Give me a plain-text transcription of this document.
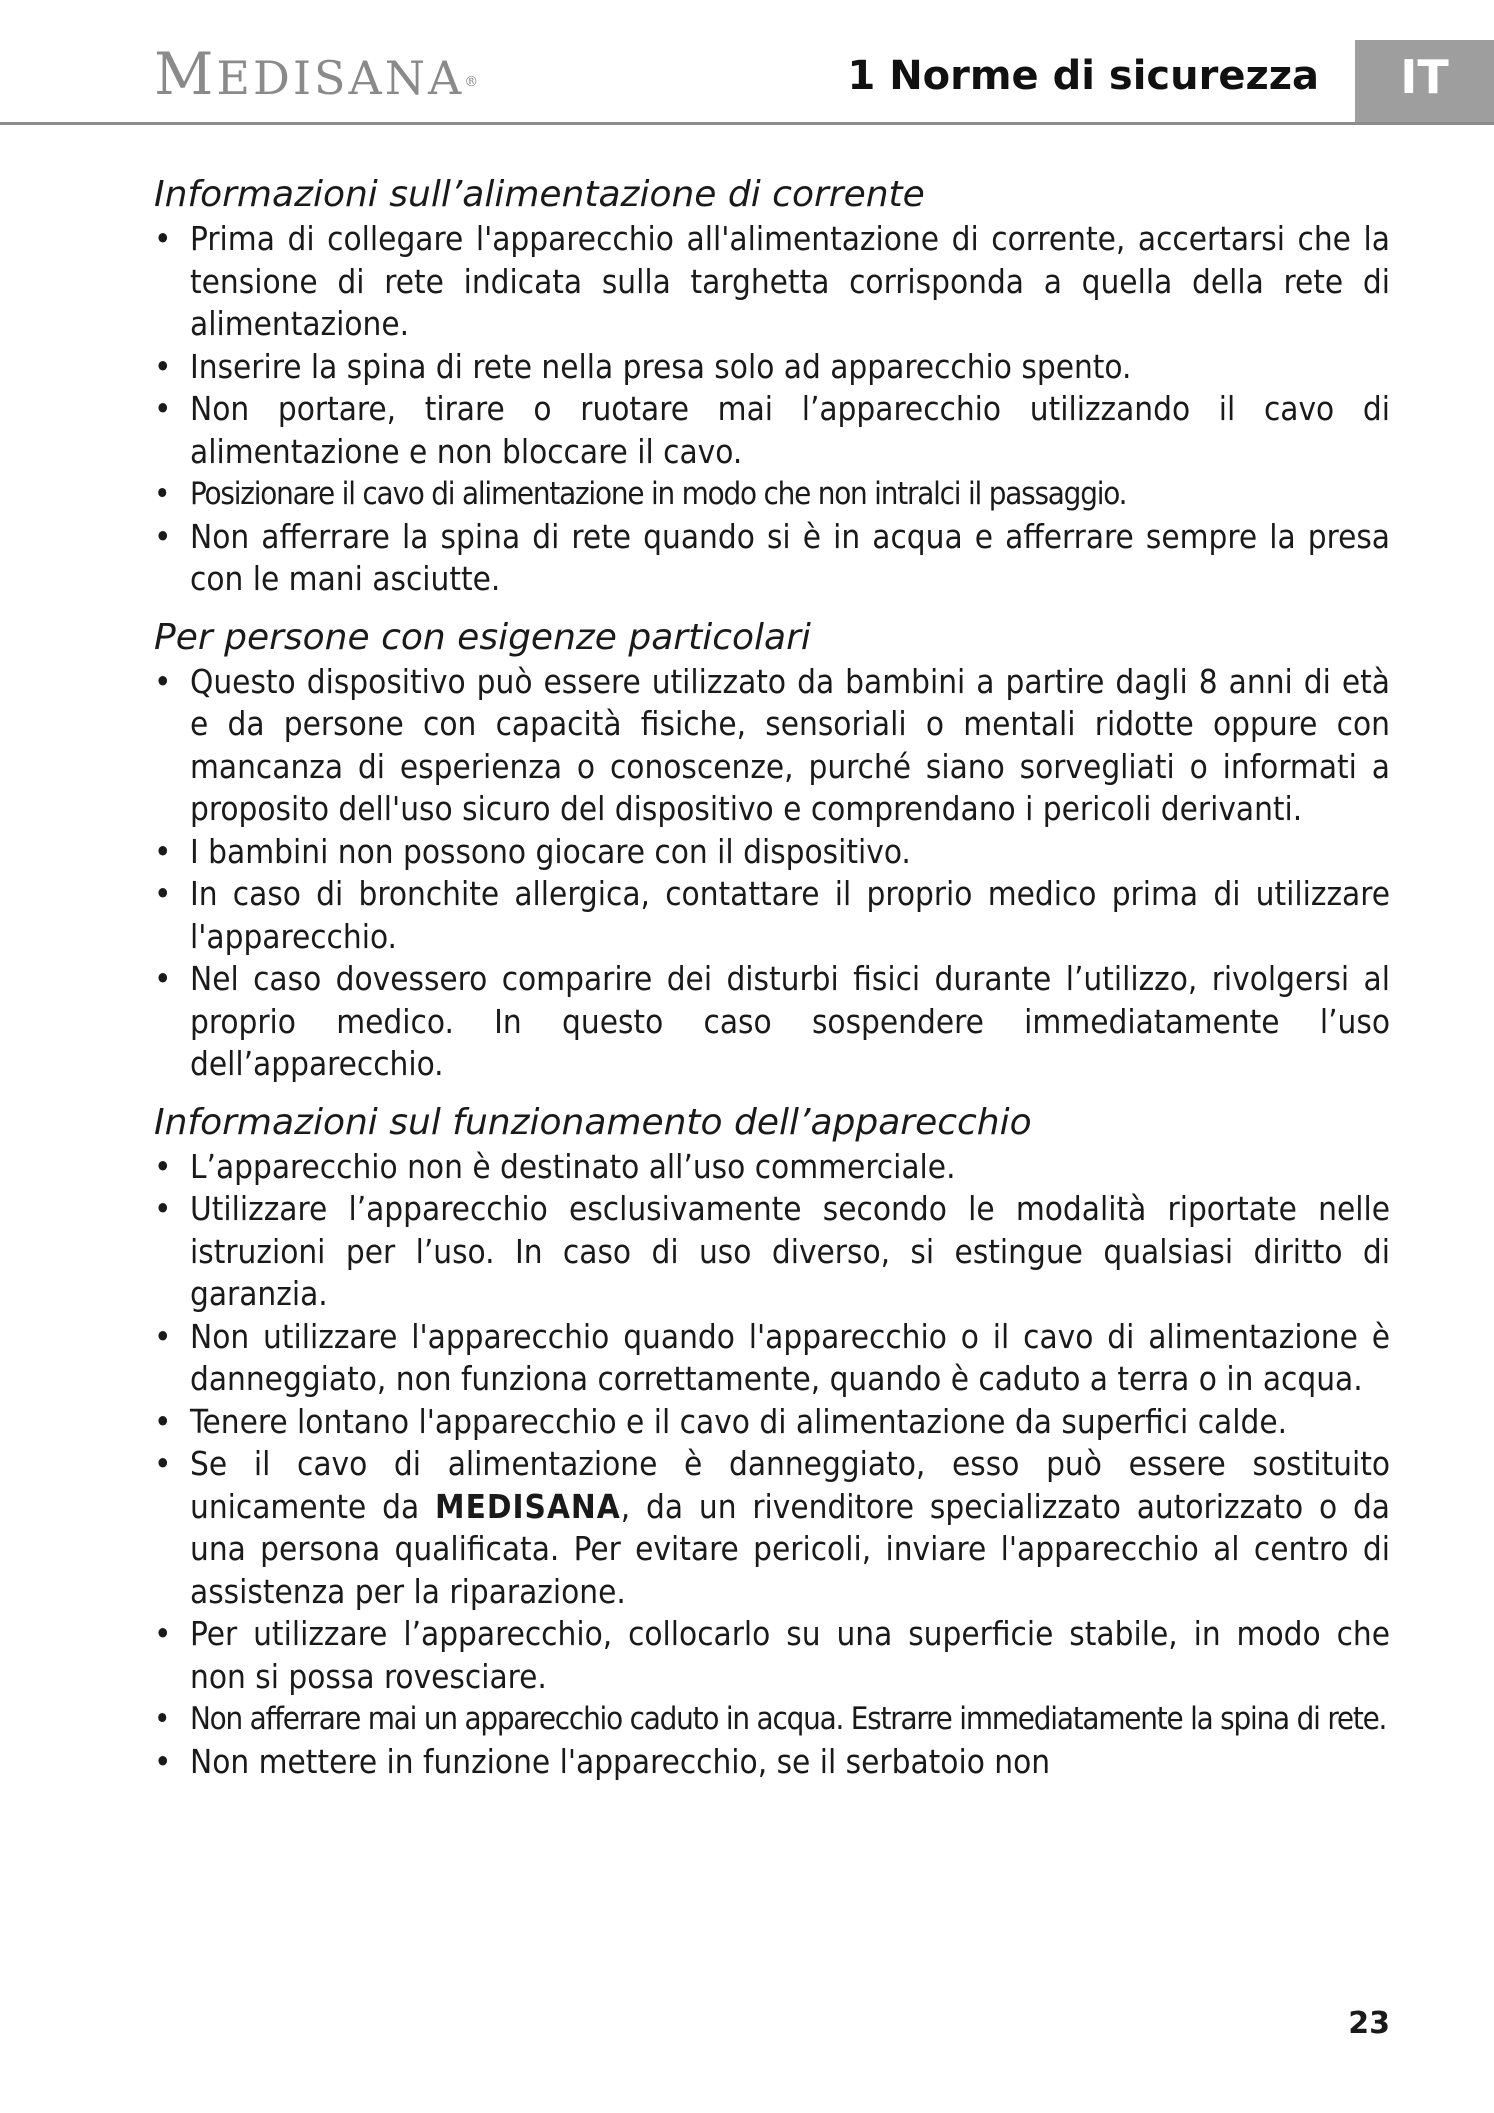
MEDISANA®	1 Norme di sicurezza	IT
Informazioni sull’alimentazione di corrente
• Prima di collegare l'apparecchio all'alimentazione di corrente, accertarsi che la tensione di rete indicata sulla targhetta corrisponda a quella della rete di alimentazione.
• Inserire la spina di rete nella presa solo ad apparecchio spento.
• Non portare, tirare o ruotare mai l’apparecchio utilizzando il cavo di alimentazione e non bloccare il cavo.
• Posizionare il cavo di alimentazione in modo che non intralci il passaggio.
• Non afferrare la spina di rete quando si è in acqua e afferrare sempre la presa con le mani asciutte.
Per persone con esigenze particolari
• Questo dispositivo può essere utilizzato da bambini a partire dagli 8 anni di età e da persone con capacità fisiche, sensoriali o mentali ridotte oppure con mancanza di esperienza o conoscenze, purché siano sorvegliati o informati a proposito dell'uso sicuro del dispositivo e comprendano i pericoli derivanti.
• I bambini non possono giocare con il dispositivo.
• In caso di bronchite allergica, contattare il proprio medico prima di utilizzare l'apparecchio.
• Nel caso dovessero comparire dei disturbi fisici durante l’utilizzo, rivolgersi al proprio medico. In questo caso sospendere immediatamente l’uso dell’apparecchio.
Informazioni sul funzionamento dell’apparecchio
• L’apparecchio non è destinato all’uso commerciale.
• Utilizzare l’apparecchio esclusivamente secondo le modalità riportate nelle istruzioni per l’uso. In caso di uso diverso, si estingue qualsiasi diritto di garanzia.
• Non utilizzare l'apparecchio quando l'apparecchio o il cavo di alimentazione è danneggiato, non funziona correttamente, quando è caduto a terra o in acqua.
• Tenere lontano l'apparecchio e il cavo di alimentazione da superfici calde.
• Se il cavo di alimentazione è danneggiato, esso può essere sostituito unicamente da MEDISANA, da un rivenditore specializzato autorizzato o da una persona qualificata. Per evitare pericoli, inviare l'apparecchio al centro di assistenza per la riparazione.
• Per utilizzare l’apparecchio, collocarlo su una superficie stabile, in modo che non si possa rovesciare.
• Non afferrare mai un apparecchio caduto in acqua. Estrarre immediatamente la spina di rete.
• Non mettere in funzione l'apparecchio, se il serbatoio non
23
